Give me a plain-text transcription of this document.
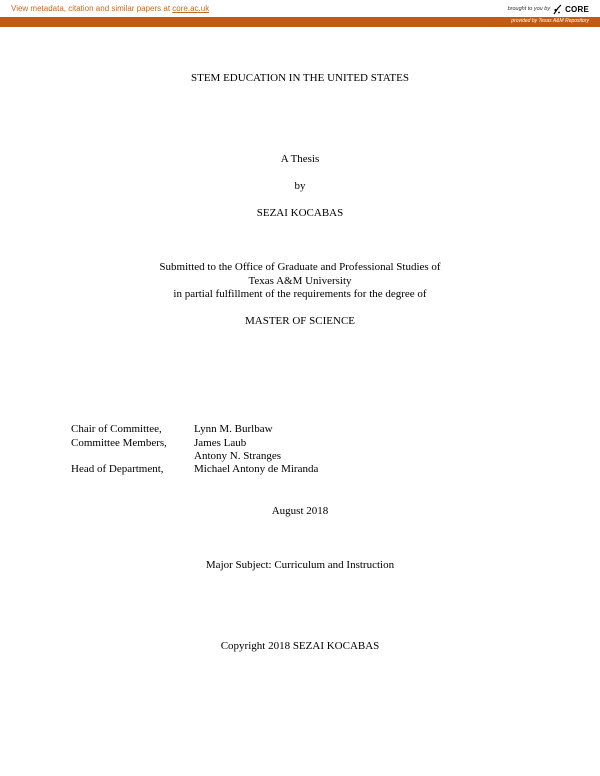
View metadata, citation and similar papers at core.ac.uk	brought to you by CORE
provided by Texas A&M Repository
STEM EDUCATION IN THE UNITED STATES
A Thesis
by
SEZAI KOCABAS
Submitted to the Office of Graduate and Professional Studies of
Texas A&M University
in partial fulfillment of the requirements for the degree of
MASTER OF SCIENCE
Chair of Committee,	Lynn M. Burlbaw
Committee Members, James Laub
Antony N. Stranges
Head of Department,	Michael Antony de Miranda
August 2018
Major Subject: Curriculum and Instruction
Copyright 2018 SEZAI KOCABAS
